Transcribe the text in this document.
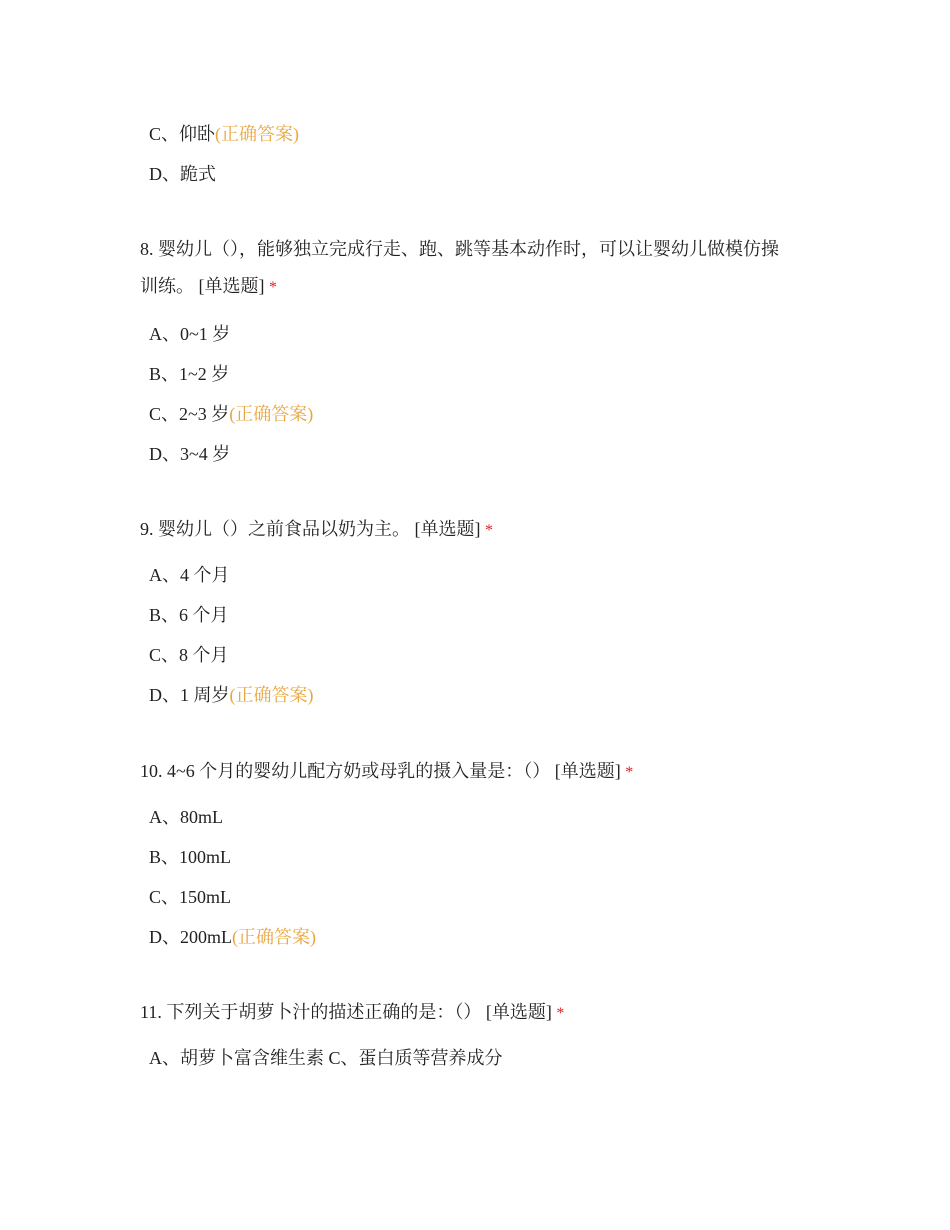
C、仰卧(正确答案)
D、跪式

8. 婴幼儿（），能够独立完成行走、跑、跳等基本动作时，可以让婴幼儿做模仿操
训练。 [单选题] *

A、0~1 岁
B、1~2 岁
C、2~3 岁(正确答案)
D、3~4 岁

9. 婴幼儿（）之前食品以奶为主。 [单选题] *

A、4 个月
B、6 个月
C、8 个月
D、1 周岁(正确答案)

10. 4~6 个月的婴幼儿配方奶或母乳的摄入量是：（） [单选题] *

A、80mL
B、100mL
C、150mL
D、200mL(正确答案)

11. 下列关于胡萝卜汁的描述正确的是：（） [单选题] *

A、胡萝卜富含维生素 C、蛋白质等营养成分
